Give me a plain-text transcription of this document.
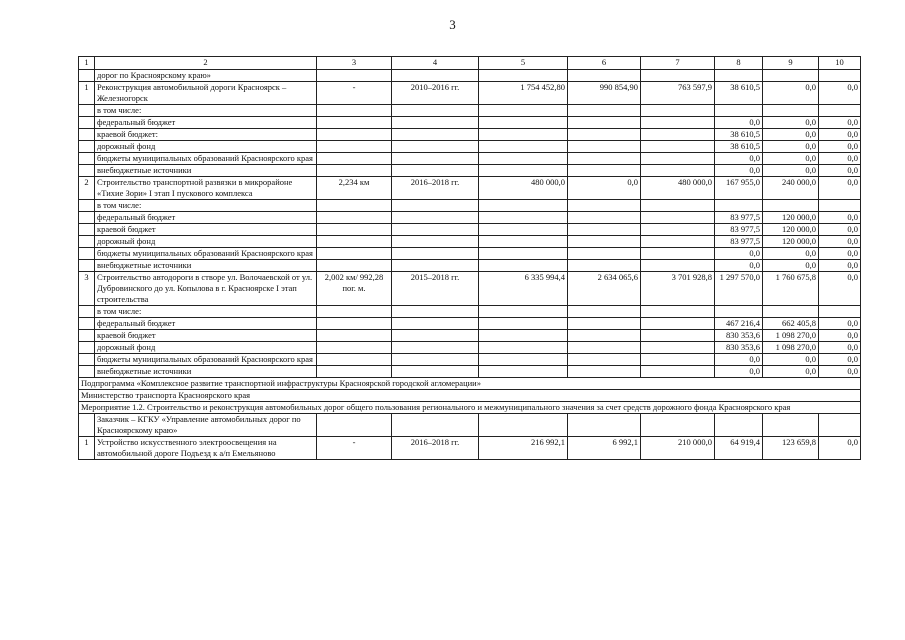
3
1	2	3	4	5	6	7	8	9	10
	дорог по Красноярскому краю»								
1	Реконструкция автомобильной дороги Красноярск – Железногорск	-	2010–2016 гг.	1 754 452,80	990 854,90	763 597,9	38 610,5	0,0	0,0
	в том числе:								
	федеральный бюджет						0,0	0,0	0,0
	краевой бюджет:						38 610,5	0,0	0,0
	дорожный фонд						38 610,5	0,0	0,0
	бюджеты муниципальных образований Красноярского края						0,0	0,0	0,0
	внебюджетные источники						0,0	0,0	0,0
2	Строительство транспортной развязки в микрорайоне «Тихие Зори» I этап I пускового комплекса	2,234 км	2016–2018 гг.	480 000,0	0,0	480 000,0	167 955,0	240 000,0	0,0
	в том числе:								
	федеральный бюджет						83 977,5	120 000,0	0,0
	краевой бюджет						83 977,5	120 000,0	0,0
	дорожный фонд						83 977,5	120 000,0	0,0
	бюджеты муниципальных образований Красноярского края						0,0	0,0	0,0
	внебюджетные источники						0,0	0,0	0,0
3	Строительство автодороги в створе ул. Волочаевской от ул. Дубровинского до ул. Копылова в г. Красноярске I этап строительства	2,002 км/ 992,28 пог. м.	2015–2018 гг.	6 335 994,4	2 634 065,6	3 701 928,8	1 297 570,0	1 760 675,8	0,0
	в том числе:								
	федеральный бюджет						467 216,4	662 405,8	0,0
	краевой бюджет						830 353,6	1 098 270,0	0,0
	дорожный фонд						830 353,6	1 098 270,0	0,0
	бюджеты муниципальных образований Красноярского края						0,0	0,0	0,0
	внебюджетные источники						0,0	0,0	0,0
Подпрограмма «Комплексное развитие транспортной инфраструктуры Красноярской городской агломерации»									
Министерство транспорта Красноярского края									
Мероприятие 1.2. Строительство и реконструкция автомобильных дорог общего пользования регионального и межмуниципального значения за счет средств дорожного фонда Красноярского края									
	Заказчик – КГКУ «Управление автомобильных дорог по Красноярскому краю»								
1	Устройство искусственного электроосвещения на автомобильной дороге Подъезд к а/п Емельяново	-	2016–2018 гг.	216 992,1	6 992,1	210 000,0	64 919,4	123 659,8	0,0
